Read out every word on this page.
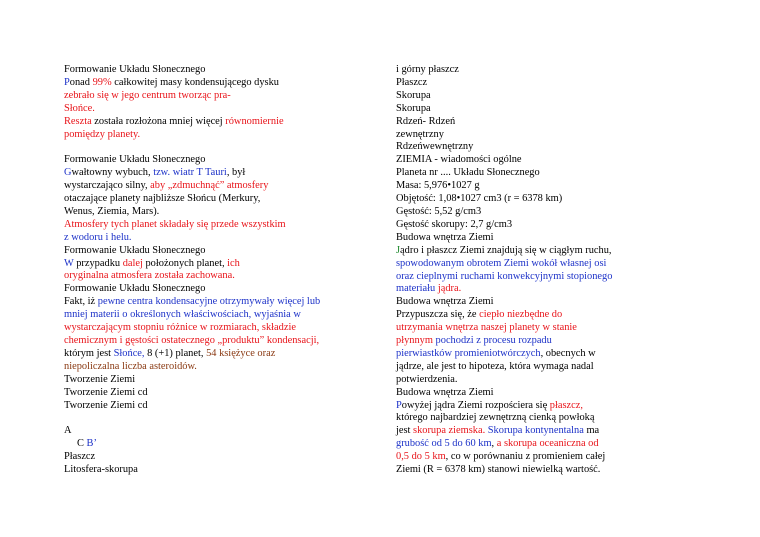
Formowanie Układu Słonecznego
Ponad 99% całkowitej masy kondensującego dysku
zebrało się w jego centrum tworząc pra-
Słońce.
Reszta została rozłożona mniej więcej równomiernie
pomiędzy planety.
Formowanie Układu Słonecznego
Gwałtowny wybuch, tzw. wiatr T Tauri, był
wystarczająco silny, aby „zdmuchnąć” atmosfery
otaczające planety najbliższe Słońcu (Merkury,
Wenus, Ziemia, Mars).
Atmosfery tych planet składały się przede wszystkim
z wodoru i helu.
Formowanie Układu Słonecznego
W przypadku dalej położonych planet, ich
oryginalna atmosfera została zachowana.
Formowanie Układu Słonecznego
Fakt, iż pewne centra kondensacyjne otrzymywały więcej lub
mniej materii o określonych właściwościach, wyjaśnia w
wystarczającym stopniu różnice w rozmiarach, składzie
chemicznym i gęstości ostatecznego „produktu” kondensacji,
którym jest Słońce, 8 (+1) planet, 54 księżyce oraz
niepoliczalna liczba asteroidów.
Tworzenie Ziemi
Tworzenie Ziemi cd
Tworzenie Ziemi cd
A
C B’
Płaszcz
Litosfera-skorupa
i górny płaszcz
Płaszcz
Skorupa
Skorupa
Rdzeń- Rdzeń
zewnętrzny
Rdzeńwewnętrzny
ZIEMIA - wiadomości ogólne
Planeta nr .... Układu Słonecznego
Masa: 5,976•1027 g
Objętość: 1,08•1027 cm3 (r = 6378 km)
Gęstość: 5,52 g/cm3
Gęstość skorupy: 2,7 g/cm3
Budowa wnętrza Ziemi
Jądro i płaszcz Ziemi znajdują się w ciągłym ruchu,
spowodowanym obrotem Ziemi wokół własnej osi
oraz cieplnymi ruchami konwekcyjnymi stopionego
materiału jądra.
Budowa wnętrza Ziemi
Przypuszcza się, że ciepło niezbędne do
utrzymania wnętrza naszej planety w stanie
płynnym pochodzi z procesu rozpadu
pierwiastków promieniotwórczych, obecnych w
jądrze, ale jest to hipoteza, która wymaga nadal
potwierdzenia.
Budowa wnętrza Ziemi
Powyżej jądra Ziemi rozpościera się płaszcz,
którego najbardziej zewnętrzną cienką powłoką
jest skorupa ziemska. Skorupa kontynentalna ma
grubość od 5 do 60 km, a skorupa oceaniczna od
0,5 do 5 km, co w porównaniu z promieniem całej
Ziemi (R = 6378 km) stanowi niewielką wartość.
